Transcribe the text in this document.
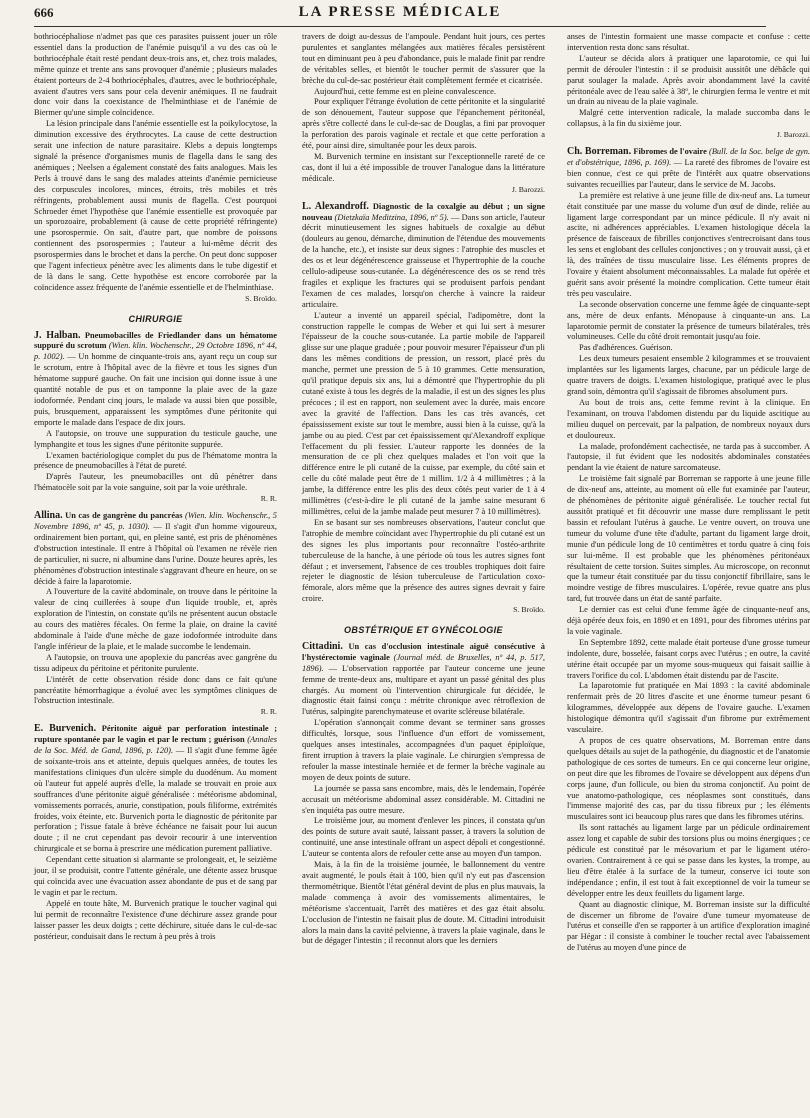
666	LA PRESSE MÉDICALE

bothriocéphaliose n'admet pas que ces parasites puissent jouer un rôle essentiel dans la production de l'anémie puisqu'il a vu des cas où le bothriocéphale était resté pendant deux-trois ans, et, chez trois malades, même quinze et trente ans sans provoquer d'anémie ; plusieurs malades étaient porteurs de 2-4 bothriocéphales, d'autres, avec le bothriocéphale, avaient d'autres vers sans pour cela devenir anémiques. Il ne faudrait donc voir dans la coexistance de l'helminthiase et de l'anémie de Biermer qu'une simple coïncidence.

La lésion principale dans l'anémie essentielle est la poikylocytose, la diminution excessive des érythrocytes. La cause de cette destruction serait une infection de nature parasitaire. Klebs a depuis longtemps signalé la présence d'organismes munis de flagella dans le sang des anémiques ; Neelsen a également constaté des faits analogues. Mais les Perls à trouvé dans le sang des malades atteints d'anémie pernicieuse des corpuscules incolores, minces, étroits, très mobiles et très réfringents, probablement aussi munis de flagella. C'est pourquoi Schroeder émet l'hypothèse que l'anémie essentielle est provoquée par un sporozoaire, probablement (à cause de cette propriété réfringente) une psorospermie. On sait, d'autre part, que nombre de poissons contiennent des psorospermies ; l'auteur a lui-même décrit des psorospermies dans le brochet et dans la perche. On peut donc supposer que l'agent infectieux pénètre avec les aliments dans le tube digestif et de là dans le sang. Cette hypothèse est encore corroborée par la coïncidence assez fréquente de l'anémie essentielle et de l'helminthiase.

S. Broïdo.

CHIRURGIE

J. Halban. Pneumobacilles de Friedlander dans un hématome suppuré du scrotum (Wien. klin. Wochenschr., 29 Octobre 1896, nº 44, p. 1002). — Un homme de cinquante-trois ans, ayant reçu un coup sur le scrotum, entre à l'hôpital avec de la fièvre et tous les signes d'un hématome suppuré gauche. On fait une incision qui donne issue à une quantité notable de pus et on tamponne la plaie avec de la gaze iodoformée. Pendant cinq jours, le malade va aussi bien que possible, puis, brusquement, apparaissent les symptômes d'une péritonite qui emporte le malade dans l'espace de dix jours.

A l'autopsie, on trouve une suppuration du testicule gauche, une lymphangite et tous les signes d'une péritonite suppurée.

L'examen bactériologique complet du pus de l'hématome montra la présence de pneumobacilles à l'état de pureté.

D'après l'auteur, les pneumobacilles ont dû pénétrer dans l'hématocèle soit par la voie sanguine, soit par la voie uréthrale.

R. R.

Allina. Un cas de gangrène du pancréas (Wien. klin. Wochenschr., 5 Novembre 1896, nº 45, p. 1030). — Il s'agit d'un homme vigoureux, ordinairement bien portant, qui, en pleine santé, est pris de phénomènes d'obstruction intestinale. Il entre à l'hôpital où l'examen ne révèle rien de particulier, ni sucre, ni albumine dans l'urine. Douze heures après, les phénomènes d'obstruction intestinale s'aggravant d'heure en heure, on se décide à faire la laparotomie.

A l'ouverture de la cavité abdominale, on trouve dans le péritoine la valeur de cinq cuillerées à soupe d'un liquide trouble, et, après exploration de l'intestin, on constate qu'ils ne présentent aucun obstacle au cours des matières fécales. On ferme la plaie, on draine la cavité abdominale à l'aide d'une mèche de gaze iodoformée introduite dans l'angle inférieur de la plaie, et le malade succombe le lendemain.

A l'autopsie, on trouva une apoplexie du pancréas avec gangrène du tissu adipeux du péritoine et péritonite purulente.

L'intérêt de cette observation réside donc dans ce fait qu'une pancréatite hémorrhagique a évolué avec les symptômes cliniques de l'obstruction intestinale.

R. R.

E. Burvenich. Péritonite aiguë par perforation intestinale ; rupture spontanée par le vagin et par le rectum ; guérison (Annales de la Soc. Méd. de Gand, 1896, p. 120). — Il s'agit d'une femme âgée de soixante-trois ans et atteinte, depuis quelques années, de toutes les manifestations cliniques d'un ulcère simple du duodénum. Au moment où l'auteur fut appelé auprès d'elle, la malade se trouvait en proie aux souffrances d'une péritonite aiguë généralisée : météorisme abdominal, vomissements porracés, anurie, constipation, pouls filiforme, extrémités froides, voix éteinte, etc. Burvenich porta le diagnostic de péritonite par perforation ; l'issue fatale à brève échéance ne faisait pour lui aucun doute ; il ne crut cependant pas devoir recourir à une intervention chirurgicale et se borna à prescrire une médication purement palliative.

Cependant cette situation si alarmante se prolongeait, et, le seizième jour, il se produisit, contre l'attente générale, une détente assez brusque qui coïncida avec une évacuation assez abondante de pus et de sang par le vagin et par le rectum.

Appelé en toute hâte, M. Burvenich pratique le toucher vaginal qui lui permit de reconnaître l'existence d'une déchirure assez grande pour laisser passer les deux doigts ; cette déchirure, située dans le cul-de-sac postérieur, conduisait dans le rectum à peu près à trois

travers de doigt au-dessus de l'ampoule. Pendant huit jours, ces pertes purulentes et sanglantes mélangées aux matières fécales persistèrent tout en diminuant peu à peu d'abondance, puis le malade finit par rendre de véritables selles, et bientôt le toucher permit de s'assurer que la brèche du cul-de-sac postérieur était complètement fermée et cicatrisée.

Aujourd'hui, cette femme est en pleine convalescence.

Pour expliquer l'étrange évolution de cette péritonite et la singularité de son dénouement, l'auteur suppose que l'épanchement péritonéal, après s'être collecté dans le cul-de-sac de Douglas, a fini par provoquer la perforation des parois vaginale et rectale et que cette perforation a été, pour ainsi dire, simultanée pour les deux parois.

M. Burvenich termine en insistant sur l'exceptionnelle rareté de ce cas, dont il lui a été impossible de trouver l'analogue dans la littérature médicale.

J. Barozzi.

L. Alexandroff. Diagnostic de la coxalgie au début ; un signe nouveau (Dietzkaïa Meditzina, 1896, nº 5). — Dans son article, l'auteur décrit minutieusement les signes habituels de coxalgie au début (douleurs au genou, démarche, diminution de l'étendue des mouvements de la hanche, etc.), et insiste sur deux signes : l'atrophie des muscles et des os et leur dégénérescence graisseuse et l'hypertrophie de la couche cellulo-adipeuse sous-cutanée. La dégénérescence des os se rend très fragiles et explique les fractures qui se produisent parfois pendant l'examen de ces malades, lorsqu'on cherche à vaincre la raideur articulaire.

L'auteur a inventé un appareil spécial, l'adipomètre, dont la construction rappelle le compas de Weber et qui lui sert à mesurer l'épaisseur de la couche sous-cutanée. La partie mobile de l'appareil glisse sur une plaque graduée ; pour pouvoir mesurer l'épaisseur d'un pli dans les mêmes conditions de pression, un ressort, placé près du manche, permet une pression de 5 à 10 grammes. Cette mensuration, qu'il pratique depuis six ans, lui a démontré que l'hypertrophie du pli cutané existe à tous les degrés de la maladie, il est un des signes les plus précoces ; il est en rapport, non seulement avec la durée, mais encore avec la gravité de l'affection. Dans les cas très avancés, cet épaississement existe sur tout le membre, aussi bien à la cuisse, qu'à la jambe ou au pied. C'est par cet épaississement qu'Alexandroff explique l'effacement du pli fessier. L'auteur rapporte les données de la mensuration de ce pli chez quelques malades et l'on voit que la différence entre le pli cutané de la cuisse, par exemple, du côté sain et celle du côté malade peut être de 1 millim. 1/2 à 4 millimètres ; à la jambe, la différence entre les plis des deux côtés peut varier de 1 à 4 millimètres (c'est-à-dire le pli cutané de la jambe saine mesurant 6 millimètres, celui de la jambe malade peut mesurer 7 à 10 millimètres).

En se basant sur ses nombreuses observations, l'auteur conclut que l'atrophie de membre coïncidant avec l'hypertrophie du pli cutané est un des signes les plus importants pour reconnaître l'ostéo-arthrite tuberculeuse de la hanche, à une période où tous les autres signes font défaut ; et inversement, l'absence de ces troubles trophiques doit faire rejeter le diagnostic de lésion tuberculeuse de l'articulation coxo-fémorale, alors même que la présence des autres signes devrait y faire croire.

S. Broïdo.

OBSTÉTRIQUE ET GYNÉCOLOGIE

Cittadini. Un cas d'occlusion intestinale aiguë consécutive à l'hystérectomie vaginale (Journal méd. de Bruxelles, nº 44, p. 517, 1896). — L'observation rapportée par l'auteur concerne une jeune femme de trente-deux ans, multipare et ayant un passé génital des plus chargés. Au moment où l'intervention chirurgicale fut décidée, le diagnostic était fainsi conçu : métrite chronique avec rétroflexion de l'utérus, salpingite parenchymateuse et ovarite scléreuse bilatérale.

L'opération s'annonçait comme devant se terminer sans grosses difficultés, lorsque, sous l'influence d'un effort de vomissement, quelques anses intestinales, accompagnées d'un paquet épiploïque, firent irruption à travers la plaie vaginale. Le chirurgien s'empressa de refouler la masse intestinale herniée et de fermer la brèche vaginale au moyen de deux points de suture.

La journée se passa sans encombre, mais, dès le lendemain, l'opérée accusait un météorisme abdominal assez considérable. M. Cittadini ne s'en inquiéta pas outre mesure.

Le troisième jour, au moment d'enlever les pinces, il constata qu'un des points de suture avait sauté, laissant passer, à travers la solution de continuité, une anse intestinale offrant un aspect dépoli et congestionné. L'auteur se contenta alors de refouler cette anse au moyen d'un tampon.

Mais, à la fin de la troisième journée, le ballonnement du ventre avait augmenté, le pouls était à 100, bien qu'il n'y eut pas d'ascension thermométrique. Bientôt l'état général devint de plus en plus mauvais, la malade commença à avoir des vomissements alimentaires, le météorisme s'accentuait, l'arrêt des matières et des gaz était absolu. L'occlusion de l'intestin ne faisait plus de doute. M. Cittadini introduisit alors la main dans la cavité pelvienne, à travers la plaie vaginale, dans le but de dégager l'intestin ; il reconnut alors que les derniers

anses de l'intestin formaient une masse compacte et confuse : cette intervention resta donc sans résultat.

L'auteur se décida alors à pratiquer une laparotomie, ce qui lui permit de dérouler l'intestin : il se produisit aussitôt une débâcle qui parut soulager la malade. Après avoir abondamment lavé la cavité péritonéale avec de l'eau salée à 38º, le chirurgien ferma le ventre et mit un drain au niveau de la plaie vaginale.

Malgré cette intervention radicale, la malade succomba dans le collapsus, à la fin du sixième jour.

J. Barozzi.

Ch. Borreman. Fibromes de l'ovaire (Bull. de la Soc. belge de gyn. et d'obstétrique, 1896, p. 169). — La rareté des fibromes de l'ovaire est bien connue, c'est ce qui prête de l'intérêt aux quatre observations suivantes recueillies par l'auteur, dans le service de M. Jacobs.

La première est relative à une jeune fille de dix-neuf ans. La tumeur était constituée par une masse du volume d'un œuf de dinde, reliée au ligament large correspondant par un mince pédicule. Il n'y avait ni ascite, ni adhérences appréciables. L'examen histologique décela la présence de faisceaux de fibrilles conjonctives s'entrecroisant dans tous les sens et englobant des cellules conjonctives ; on y trouvait aussi, çà et là, des traînées de tissu musculaire lisse. Les éléments propres de l'ovaire y étaient absolument méconnaissables. La malade fut opérée et guérit sans avoir présenté la moindre complication. Cette tumeur était très peu vasculaire.

La seconde observation concerne une femme âgée de cinquante-sept ans, mère de deux enfants. Ménopause à cinquante-un ans. La laparotomie permit de constater la présence de tumeurs bilatérales, très volumineuses. Celle du côté droit remontait jusqu'au foie.

Pas d'adhérences. Guérison.

Les deux tumeurs pesaient ensemble 2 kilogrammes et se trouvaient implantées sur les ligaments larges, chacune, par un pédicule large de quatre travers de doigts. L'examen histologique, pratiqué avec le plus grand soin, démontra qu'il s'agissait de fibromes absolument purs.

Au bout de trois ans, cette femme revint à la clinique. En l'examinant, on trouva l'abdomen distendu par du liquide ascitique au milieu duquel on percevait, par la palpation, de nombreux noyaux durs et douloureux.

La malade, profondément cachectisée, ne tarda pas à succomber. A l'autopsie, il fut évident que les nodosités abdominales constatées pendant la vie étaient de nature sarcomateuse.

Le troisième fait signalé par Borreman se rapporte à une jeune fille de dix-neuf ans, atteinte, au moment où elle fut examinée par l'auteur, de phénomènes de péritonite aiguë généralisée. Le toucher rectal fut aussitôt pratiqué et fit découvrir une masse dure remplissant le petit bassin et refoulant l'utérus à gauche. Le ventre ouvert, on trouva une tumeur du volume d'une tête d'adulte, partant du ligament large droit, munie d'un pédicule long de 10 centimètres et tordu quatre à cinq fois sur lui-même. Il est probable que les phénomènes péritonéaux résultaient de cette torsion. Suites simples. Au microscope, on reconnut que la tumeur était constituée par du tissu conjonctif fibrillaire, sans le moindre vestige de fibres musculaires. L'opérée, revue quatre ans plus tard, fut trouvée dans un état de santé parfaite.

Le dernier cas est celui d'une femme âgée de cinquante-neuf ans, déjà opérée deux fois, en 1890 et en 1891, pour des fibromes utérins par la voie vaginale.

En Septembre 1892, cette malade était porteuse d'une grosse tumeur indolente, dure, bosselée, faisant corps avec l'utérus ; en outre, la cavité utérine était occupée par un myome sous-muqueux qui faisait saillie à travers l'orifice du col. L'abdomen était distendu par de l'ascite.

La laparotomie fut pratiquée en Mai 1893 : la cavité abdominale renfermait près de 20 litres d'ascite et une énorme tumeur pesant 6 kilogrammes, développée aux dépens de l'ovaire gauche. L'examen histologique démontra qu'il s'agissait d'un fibrome pur extrêmement vasculaire.

A propos de ces quatre observations, M. Borreman entre dans quelques détails au sujet de la pathogénie, du diagnostic et de l'anatomie pathologique de ces sortes de tumeurs. En ce qui concerne leur origine, on peut dire que les fibromes de l'ovaire se développent aux dépens d'un corps jaune, d'un follicule, ou bien du stroma conjonctif. Au point de vue anatomo-pathologique, ces néoplasmes sont constitués, dans l'immense majorité des cas, par du tissu fibreux pur ; les éléments musculaires sont ici beaucoup plus rares que dans les fibromes utérins.

Ils sont rattachés au ligament large par un pédicule ordinairement assez long et capable de subir des torsions plus ou moins énergiques ; ce pédicule est constitué par le mésovarium et par le ligament utéro-ovarien. Contrairement à ce qui se passe dans les kystes, la trompe, au lieu d'être étalée à la surface de la tumeur, conserve ici toute son indépendance ; enfin, il est tout à fait exceptionnel de voir la tumeur se développer entre les deux feuillets du ligament large.

Quant au diagnostic clinique, M. Borreman insiste sur la difficulté de discerner un fibrome de l'ovaire d'une tumeur myomateuse de l'utérus et conseille d'en se rapporter à un artifice d'exploration imaginé par Hégar : il consiste à combiner le toucher rectal avec l'abaissement de l'utérus au moyen d'une pince de
